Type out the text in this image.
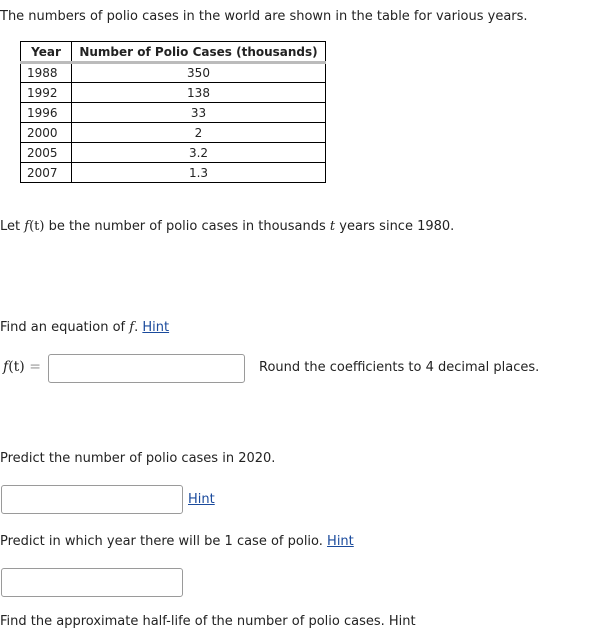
The numbers of polio cases in the world are shown in the table for various years.
Year	Number of Polio Cases (thousands)
1988	350
1992	138
1996	33
2000	2
2005	3.2
2007	1.3
Let f(t) be the number of polio cases in thousands t years since 1980.
Find an equation of f. Hint
f(t) =	Round the coefficients to 4 decimal places.
Predict the number of polio cases in 2020.
Hint
Predict in which year there will be 1 case of polio. Hint
Find the approximate half-life of the number of polio cases. Hint
